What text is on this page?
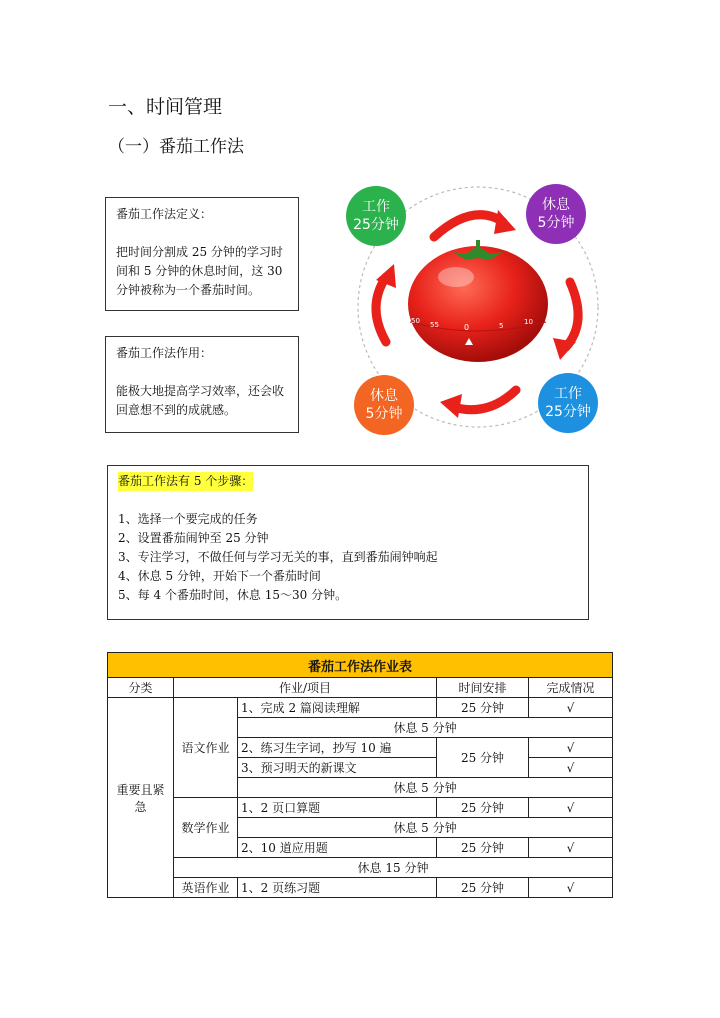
一、时间管理
（一）番茄工作法

番茄工作法定义：

把时间分割成 25 分钟的学习时

间和 5 分钟的休息时间，这 30

分钟被称为一个番茄时间。

番茄工作法作用：

能极大地提高学习效率，还会收

回意想不到的成就感。

50 55	0	5	10
工作
25分钟
休息
5分钟
休息
5分钟
工作
25分钟

番茄工作法有 5 个步骤：

1、选择一个要完成的任务

2、设置番茄闹钟至 25 分钟

3、专注学习，不做任何与学习无关的事，直到番茄闹钟响起

4、休息 5 分钟，开始下一个番茄时间

5、每 4 个番茄时间，休息 15～30 分钟。

番茄工作法作业表				
分类	作业/项目		时间安排	完成情况
重要且紧急	语文作业	1、完成 2 篇阅读理解	25 分钟	√
		休息 5 分钟		
		2、练习生字词，抄写 10 遍	25 分钟	√
		3、预习明天的新课文		√
		休息 5 分钟		
	数学作业	1、2 页口算题	25 分钟	√
		休息 5 分钟		
		2、10 道应用题	25 分钟	√
	休息 15 分钟			
	英语作业	1、2 页练习题	25 分钟	√
